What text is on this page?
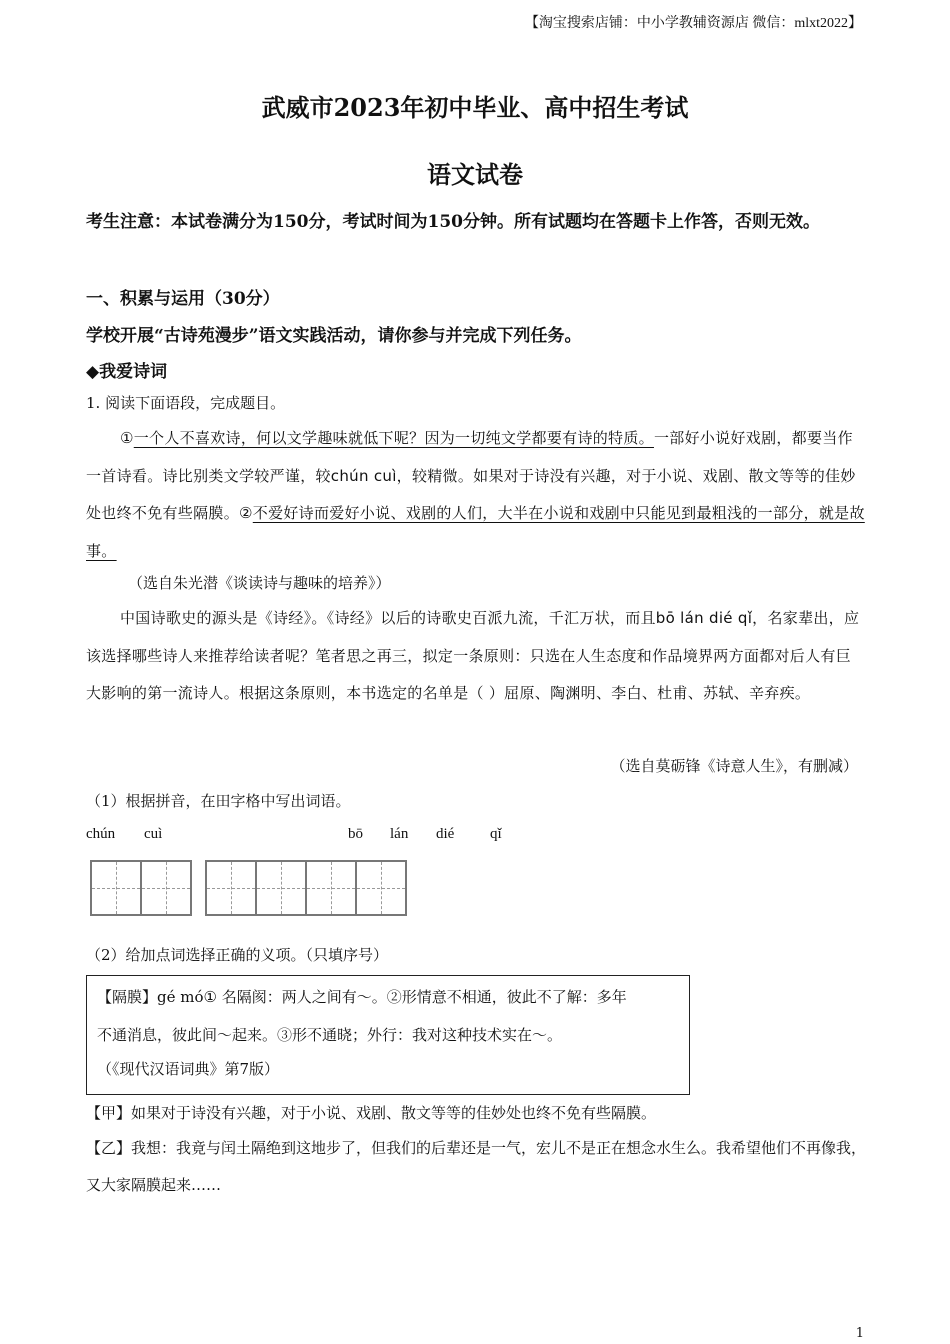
【淘宝搜索店铺：中小学教辅资源店 微信：mlxt2022】
武威市2023年初中毕业、高中招生考试
语文试卷
考生注意：本试卷满分为150分，考试时间为150分钟。所有试题均在答题卡上作答，否则无效。
一、积累与运用（30分）
学校开展“古诗苑漫步”语文实践活动，请你参与并完成下列任务。
◆我爱诗词
1. 阅读下面语段，完成题目。
①一个人不喜欢诗，何以文学趣味就低下呢？因为一切纯文学都要有诗的特质。一部好小说好戏剧，都要当作一首诗看。诗比别类文学较严谨，较chún cuì，较精微。如果对于诗没有兴趣，对于小说、戏剧、散文等等的佳妙处也终不免有些隔膜。②不爱好诗而爱好小说、戏剧的人们，大半在小说和戏剧中只能见到最粗浅的一部分，就是故事。
（选自朱光潜《谈读诗与趣味的培养》）
中国诗歌史的源头是《诗经》。《诗经》以后的诗歌史百派九流，千汇万状，而且bō lán dié qǐ，名家辈出，应该选择哪些诗人来推荐给读者呢？笔者思之再三，拟定一条原则：只选在人生态度和作品境界两方面都对后人有巨大影响的第一流诗人。根据这条原则，本书选定的名单是（ ）屈原、陶渊明、李白、杜甫、苏轼、辛弃疾。
（选自莫砺锋《诗意人生》，有删减）
（1）根据拼音，在田字格中写出词语。
chún cuì	bō lán dié qǐ
（2）给加点词选择正确的义项。（只填序号）
【隔膜】gé mó① 名隔阂：两人之间有～。②形情意不相通，彼此不了解：多年
不通消息，彼此间～起来。③形不通晓；外行：我对这种技术实在～。
（《现代汉语词典》第7版）
【甲】如果对于诗没有兴趣，对于小说、戏剧、散文等等的佳妙处也终不免有些隔膜。
【乙】我想：我竟与闰土隔绝到这地步了，但我们的后辈还是一气，宏儿不是正在想念水生么。我希望他们不再像我，又大家隔膜起来……
1
